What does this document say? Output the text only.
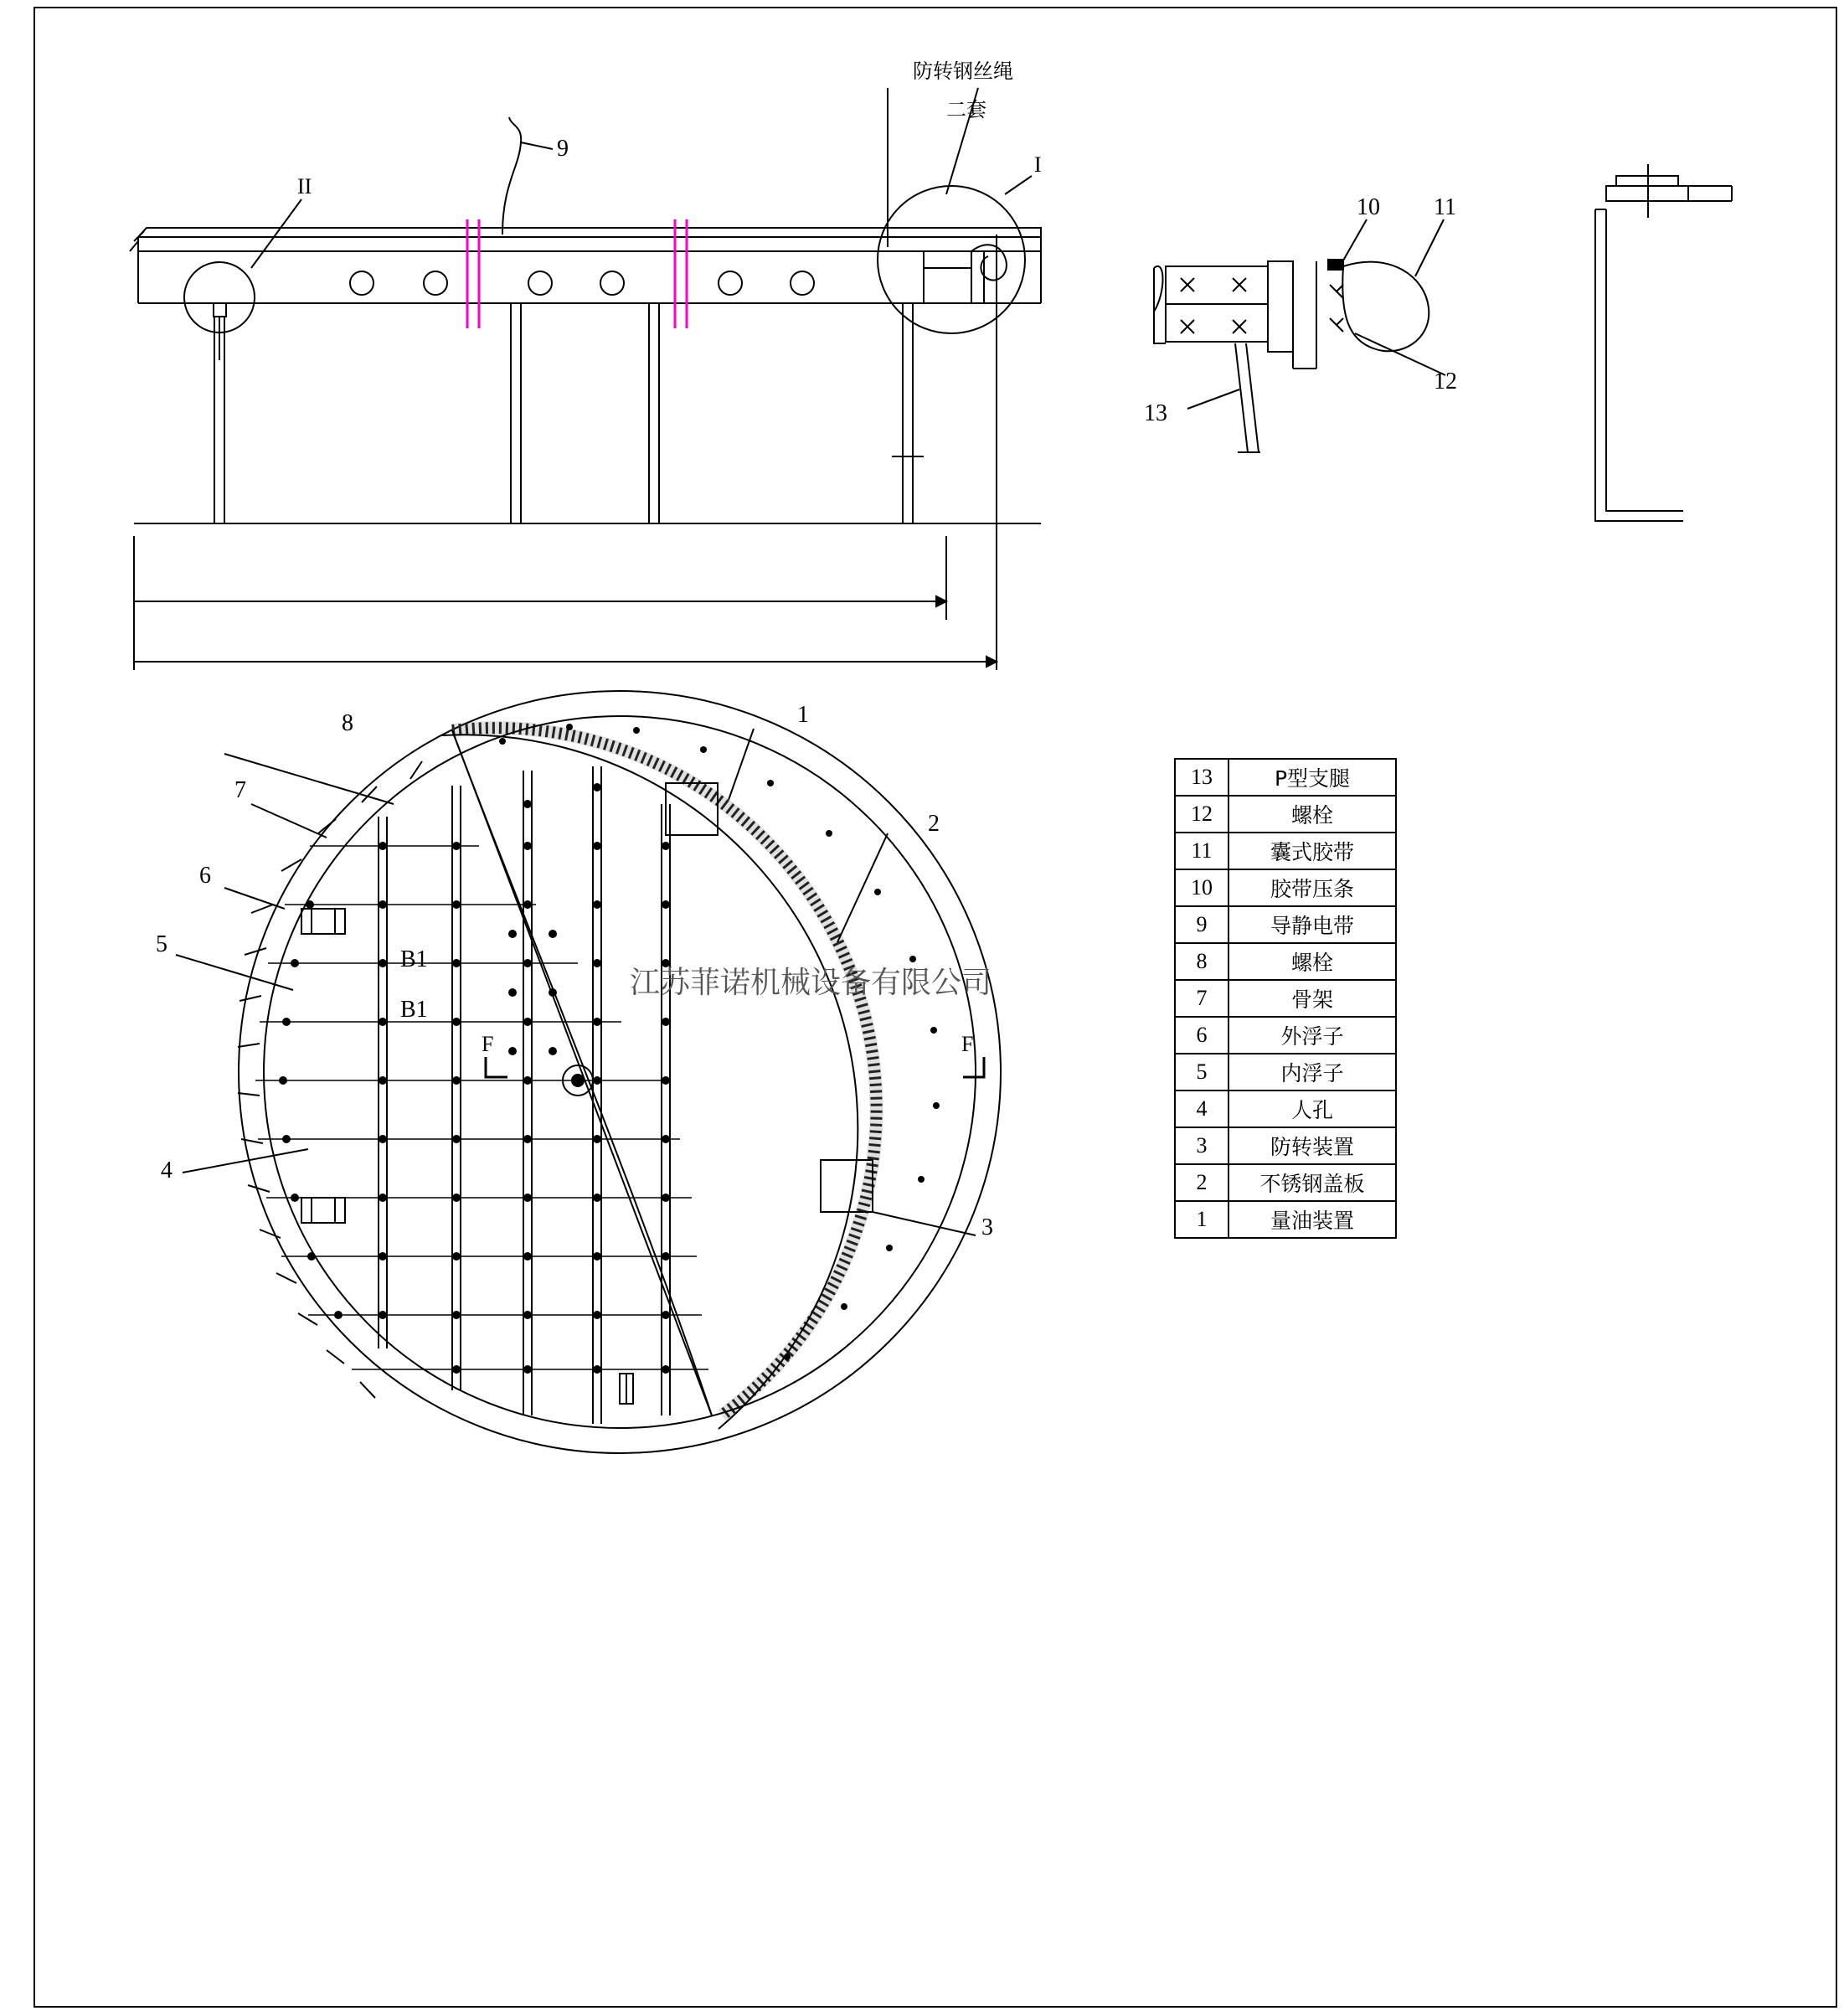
防转钢丝绳
二套
II
I
9
10 11
12
13
1
2
3
4
5
6
7
8
B1
B1
F	F
江苏菲诺机械设备有限公司
13	P型支腿
12	螺栓
11	囊式胶带
10	胶带压条
9	导静电带
8	螺栓
7	骨架
6	外浮子
5	内浮子
4	人孔
3	防转装置
2	不锈钢盖板
1	量油装置
